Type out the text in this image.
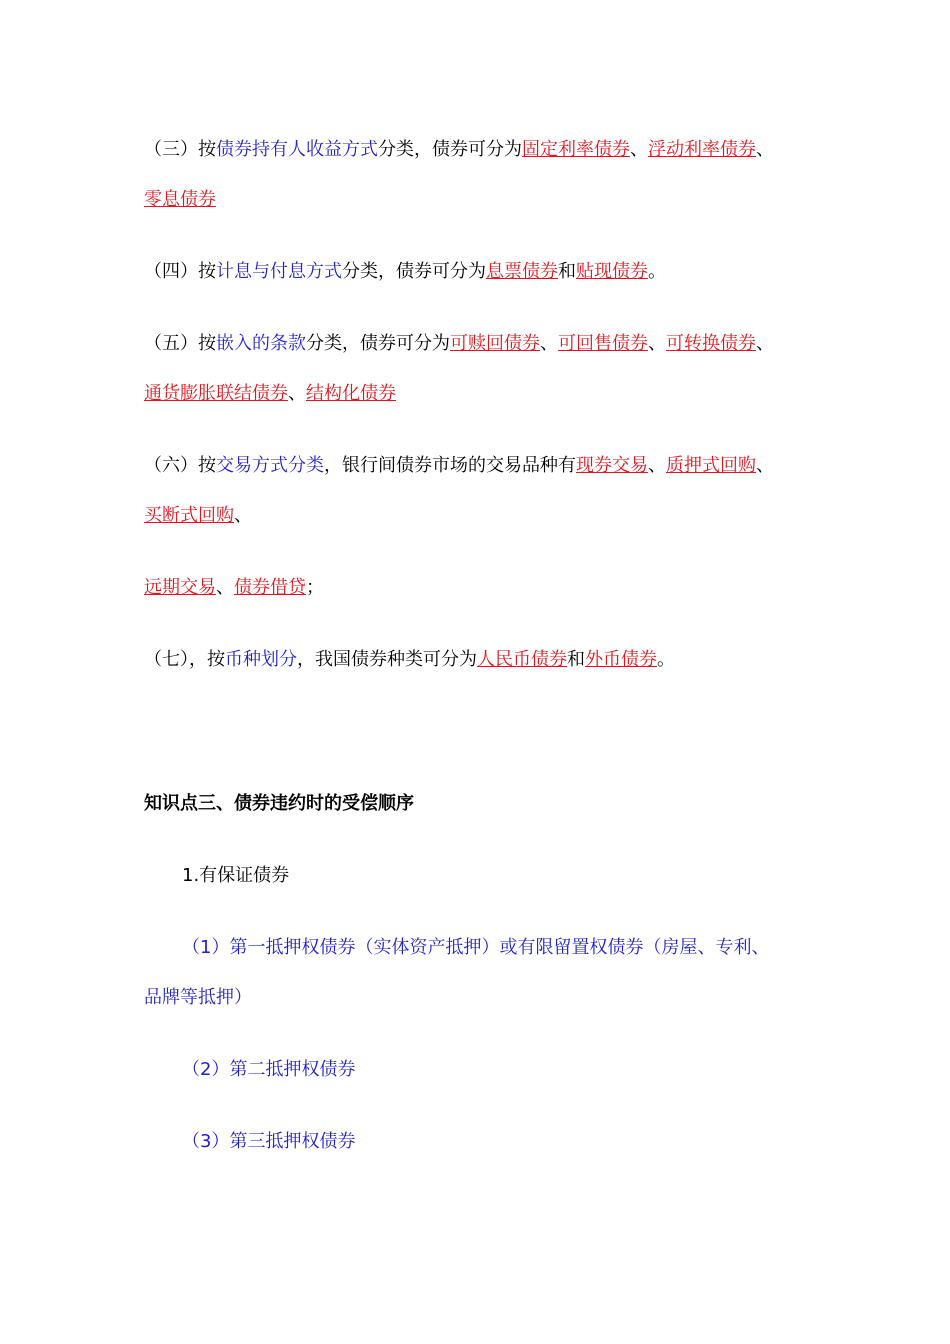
（三）按债券持有人收益方式分类，债券可分为固定利率债券、浮动利率债券、
零息债券
（四）按计息与付息方式分类，债券可分为息票债券和贴现债券。
（五）按嵌入的条款分类，债券可分为可赎回债券、可回售债券、可转换债券、
通货膨胀联结债券、结构化债券
（六）按交易方式分类，银行间债券市场的交易品种有现券交易、质押式回购、
买断式回购、
远期交易、债券借贷；
（七），按币种划分，我国债券种类可分为人民币债券和外币债券。
知识点三、债券违约时的受偿顺序
1.有保证债券
（1）第一抵押权债券（实体资产抵押）或有限留置权债券（房屋、专利、
品牌等抵押）
（2）第二抵押权债券
（3）第三抵押权债券
